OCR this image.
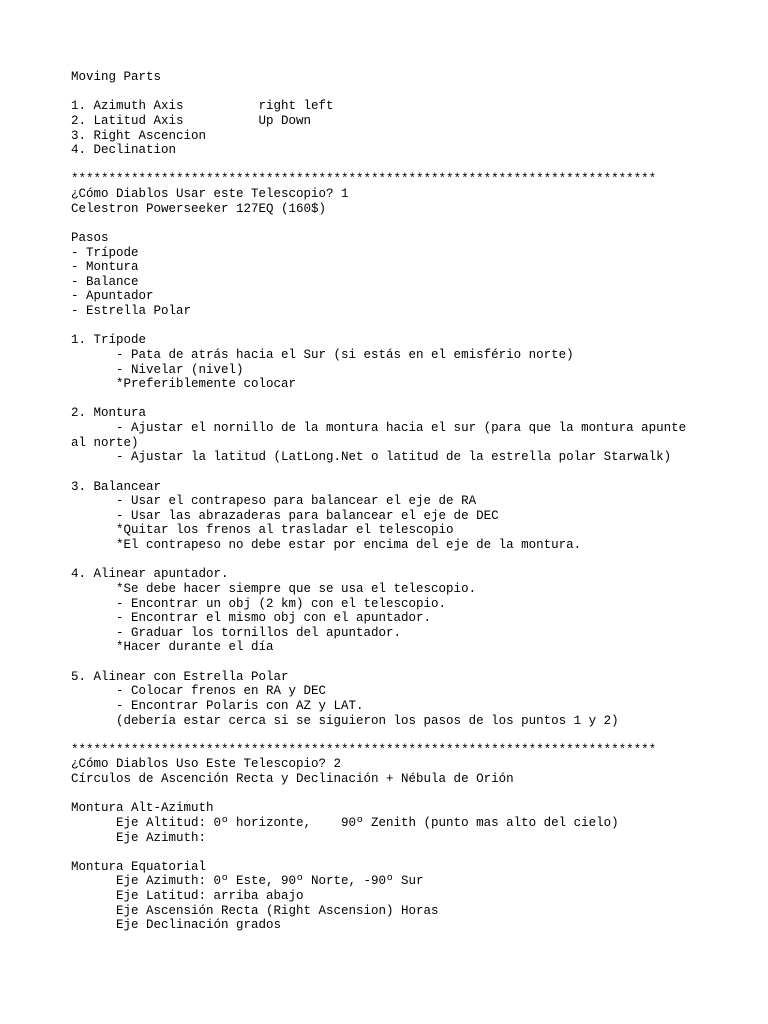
Moving Parts
1. Azimuth Axis          right left
2. Latitud Axis          Up Down
3. Right Ascencion
4. Declination
******************************************************************************
¿Cómo Diablos Usar este Telescopio? 1
Celestron Powerseeker 127EQ (160$)
Pasos
- Trípode
- Montura
- Balance
- Apuntador
- Estrella Polar
1. Trípode
- Pata de atrás hacia el Sur (si estás en el emisfério norte)
- Nivelar (nivel)
*Preferiblemente colocar
2. Montura
- Ajustar el nornillo de la montura hacia el sur (para que la montura apunte
al norte)
- Ajustar la latitud (LatLong.Net o latitud de la estrella polar Starwalk)
3. Balancear
- Usar el contrapeso para balancear el eje de RA
- Usar las abrazaderas para balancear el eje de DEC
*Quitar los frenos al trasladar el telescopio
*El contrapeso no debe estar por encima del eje de la montura.
4. Alinear apuntador.
*Se debe hacer siempre que se usa el telescopio.
- Encontrar un obj (2 km) con el telescopio.
- Encontrar el mismo obj con el apuntador.
- Graduar los tornillos del apuntador.
*Hacer durante el día
5. Alinear con Estrella Polar
- Colocar frenos en RA y DEC
- Encontrar Polaris con AZ y LAT.
(debería estar cerca si se siguieron los pasos de los puntos 1 y 2)
******************************************************************************
¿Cómo Diablos Uso Este Telescopio? 2
Círculos de Ascención Recta y Declinación + Nébula de Orión
Montura Alt-Azimuth
Eje Altitud: 0º horizonte,    90º Zenith (punto mas alto del cielo)
Eje Azimuth:
Montura Equatorial
Eje Azimuth: 0º Este, 90º Norte, -90º Sur
Eje Latitud: arriba abajo
Eje Ascensión Recta (Right Ascension) Horas
Eje Declinación grados
